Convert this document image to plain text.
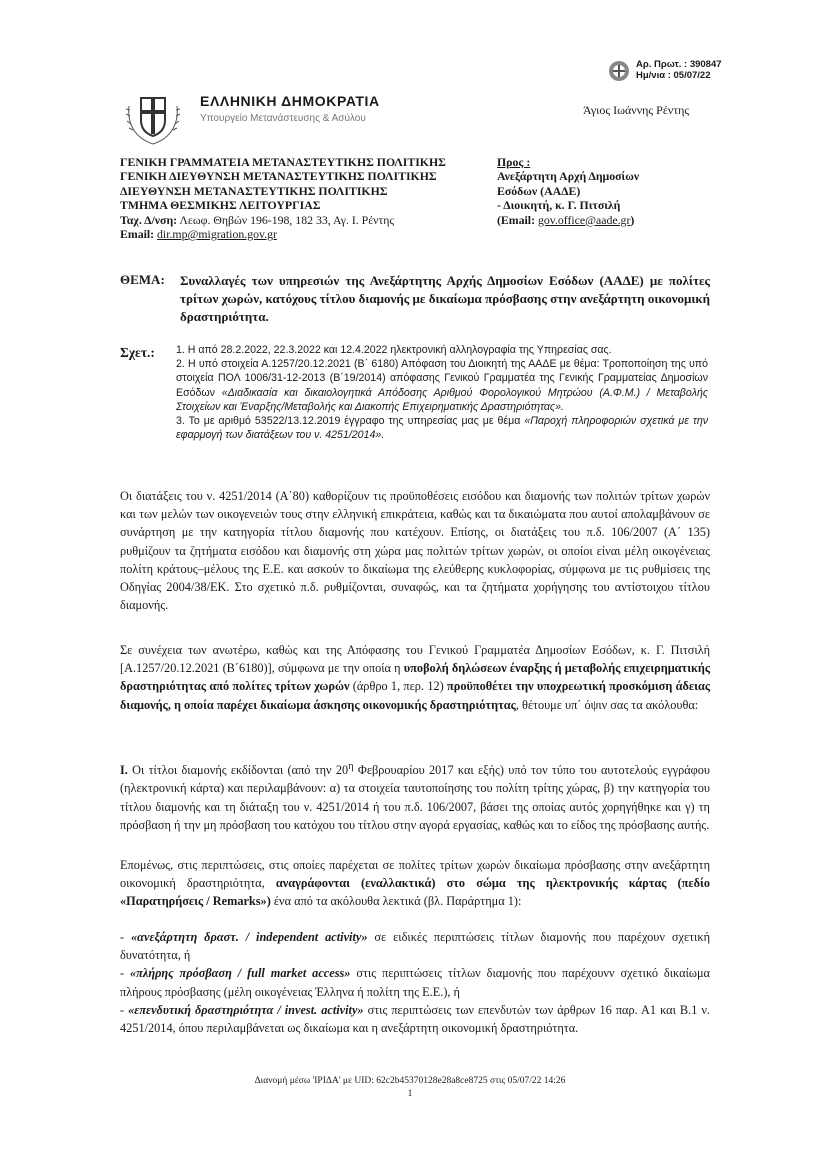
ΕΛΛΗΝΙΚΗ ΔΗΜΟΚΡΑΤΙΑ
Υπουργείο Μετανάστευσης & Ασύλου
Αρ. Πρωτ. : 390847
Ημ/νια : 05/07/22
Άγιος Ιωάννης Ρέντης
ΓΕΝΙΚΗ ΓΡΑΜΜΑΤΕΙΑ ΜΕΤΑΝΑΣΤΕΥΤΙΚΗΣ ΠΟΛΙΤΙΚΗΣ
ΓΕΝΙΚΗ ΔΙΕΥΘΥΝΣΗ ΜΕΤΑΝΑΣΤΕΥΤΙΚΗΣ ΠΟΛΙΤΙΚΗΣ
ΔΙΕΥΘΥΝΣΗ ΜΕΤΑΝΑΣΤΕΥΤΙΚΗΣ ΠΟΛΙΤΙΚΗΣ
ΤΜΗΜΑ ΘΕΣΜΙΚΗΣ ΛΕΙΤΟΥΡΓΙΑΣ
Ταχ. Δ/νση: Λεωφ. Θηβών 196-198, 182 33, Αγ. Ι. Ρέντης
Email: dir.mp@migration.gov.gr
Προς :
Ανεξάρτητη Αρχή Δημοσίων
Εσόδων (ΑΑΔΕ)
- Διοικητή, κ. Γ. Πιτσιλή
(Email: gov.office@aade.gr)
ΘΕΜΑ: Συναλλαγές των υπηρεσιών της Ανεξάρτητης Αρχής Δημοσίων Εσόδων (ΑΑΔΕ) με πολίτες τρίτων χωρών, κατόχους τίτλου διαμονής με δικαίωμα πρόσβασης στην ανεξάρτητη οικονομική δραστηριότητα.
Σχετ.: 1. Η από 28.2.2022, 22.3.2022 και 12.4.2022 ηλεκτρονική αλληλογραφία της Υπηρεσίας σας.
2. Η υπό στοιχεία Α.1257/20.12.2021 (Β΄ 6180) Απόφαση του Διοικητή της ΑΑΔΕ με θέμα: Τροποποίηση της υπό στοιχεία ΠΟΛ 1006/31-12-2013 (Β΄19/2014) απόφασης Γενικού Γραμματέα της Γενικής Γραμματείας Δημοσίων Εσόδων «Διαδικασία και δικαιολογητικά Απόδοσης Αριθμού Φορολογικού Μητρώου (Α.Φ.Μ.) / Μεταβολής Στοιχείων και Έναρξης/Μεταβολής και Διακοπής Επιχειρηματικής Δραστηριότητας».
3. Το με αριθμό 53522/13.12.2019 έγγραφο της υπηρεσίας μας με θέμα «Παροχή πληροφοριών σχετικά με την εφαρμογή των διατάξεων του ν. 4251/2014».
Οι διατάξεις του ν. 4251/2014 (Α΄80) καθορίζουν τις προϋποθέσεις εισόδου και διαμονής των πολιτών τρίτων χωρών και των μελών των οικογενειών τους στην ελληνική επικράτεια, καθώς και τα δικαιώματα που αυτοί απολαμβάνουν σε συνάρτηση με την κατηγορία τίτλου διαμονής που κατέχουν. Επίσης, οι διατάξεις του π.δ. 106/2007 (Α΄ 135) ρυθμίζουν τα ζητήματα εισόδου και διαμονής στη χώρα μας πολιτών τρίτων χωρών, οι οποίοι είναι μέλη οικογένειας πολίτη κράτους–μέλους της Ε.Ε. και ασκούν το δικαίωμα της ελεύθερης κυκλοφορίας, σύμφωνα με τις ρυθμίσεις της Οδηγίας 2004/38/ΕΚ. Στο σχετικό π.δ. ρυθμίζονται, συναφώς, και τα ζητήματα χορήγησης του αντίστοιχου τίτλου διαμονής.
Σε συνέχεια των ανωτέρω, καθώς και της Απόφασης του Γενικού Γραμματέα Δημοσίων Εσόδων, κ. Γ. Πιτσιλή [Α.1257/20.12.2021 (Β΄6180)], σύμφωνα με την οποία η υποβολή δηλώσεων έναρξης ή μεταβολής επιχειρηματικής δραστηριότητας από πολίτες τρίτων χωρών (άρθρο 1, περ. 12) προϋποθέτει την υποχρεωτική προσκόμιση άδειας διαμονής, η οποία παρέχει δικαίωμα άσκησης οικονομικής δραστηριότητας, θέτουμε υπ΄ όψιν σας τα ακόλουθα:
Ι. Οι τίτλοι διαμονής εκδίδονται (από την $20^\eta$ Φεβρουαρίου 2017 και εξής) υπό τον τύπο του αυτοτελούς εγγράφου (ηλεκτρονική κάρτα) και περιλαμβάνουν: α) τα στοιχεία ταυτοποίησης του πολίτη τρίτης χώρας, β) την κατηγορία του τίτλου διαμονής και τη διάταξη του ν. 4251/2014 ή του π.δ. 106/2007, βάσει της οποίας αυτός χορηγήθηκε και γ) τη πρόσβαση ή την μη πρόσβαση του κατόχου του τίτλου στην αγορά εργασίας, καθώς και το είδος της πρόσβασης αυτής.
Επομένως, στις περιπτώσεις, στις οποίες παρέχεται σε πολίτες τρίτων χωρών δικαίωμα πρόσβασης στην ανεξάρτητη οικονομική δραστηριότητα, αναγράφονται (εναλλακτικά) στο σώμα της ηλεκτρονικής κάρτας (πεδίο «Παρατηρήσεις / Remarks») ένα από τα ακόλουθα λεκτικά (βλ. Παράρτημα 1):
- «ανεξάρτητη δραστ. / independent activity» σε ειδικές περιπτώσεις τίτλων διαμονής που παρέχουν σχετική δυνατότητα, ή
- «πλήρης πρόσβαση / full market access» στις περιπτώσεις τίτλων διαμονής που παρέχουνν σχετικό δικαίωμα πλήρους πρόσβασης (μέλη οικογένειας Έλληνα ή πολίτη της Ε.Ε.), ή
- «επενδυτική δραστηριότητα / invest. activity» στις περιπτώσεις των επενδυτών των άρθρων 16 παρ. Α1 και Β.1 ν. 4251/2014, όπου περιλαμβάνεται ως δικαίωμα και η ανεξάρτητη οικονομική δραστηριότητα.
Διανομή μέσω 'ΙΡΙΔΑ' με UID: 62c2b45370128e28a8ce8725 στις 05/07/22 14:26
1
